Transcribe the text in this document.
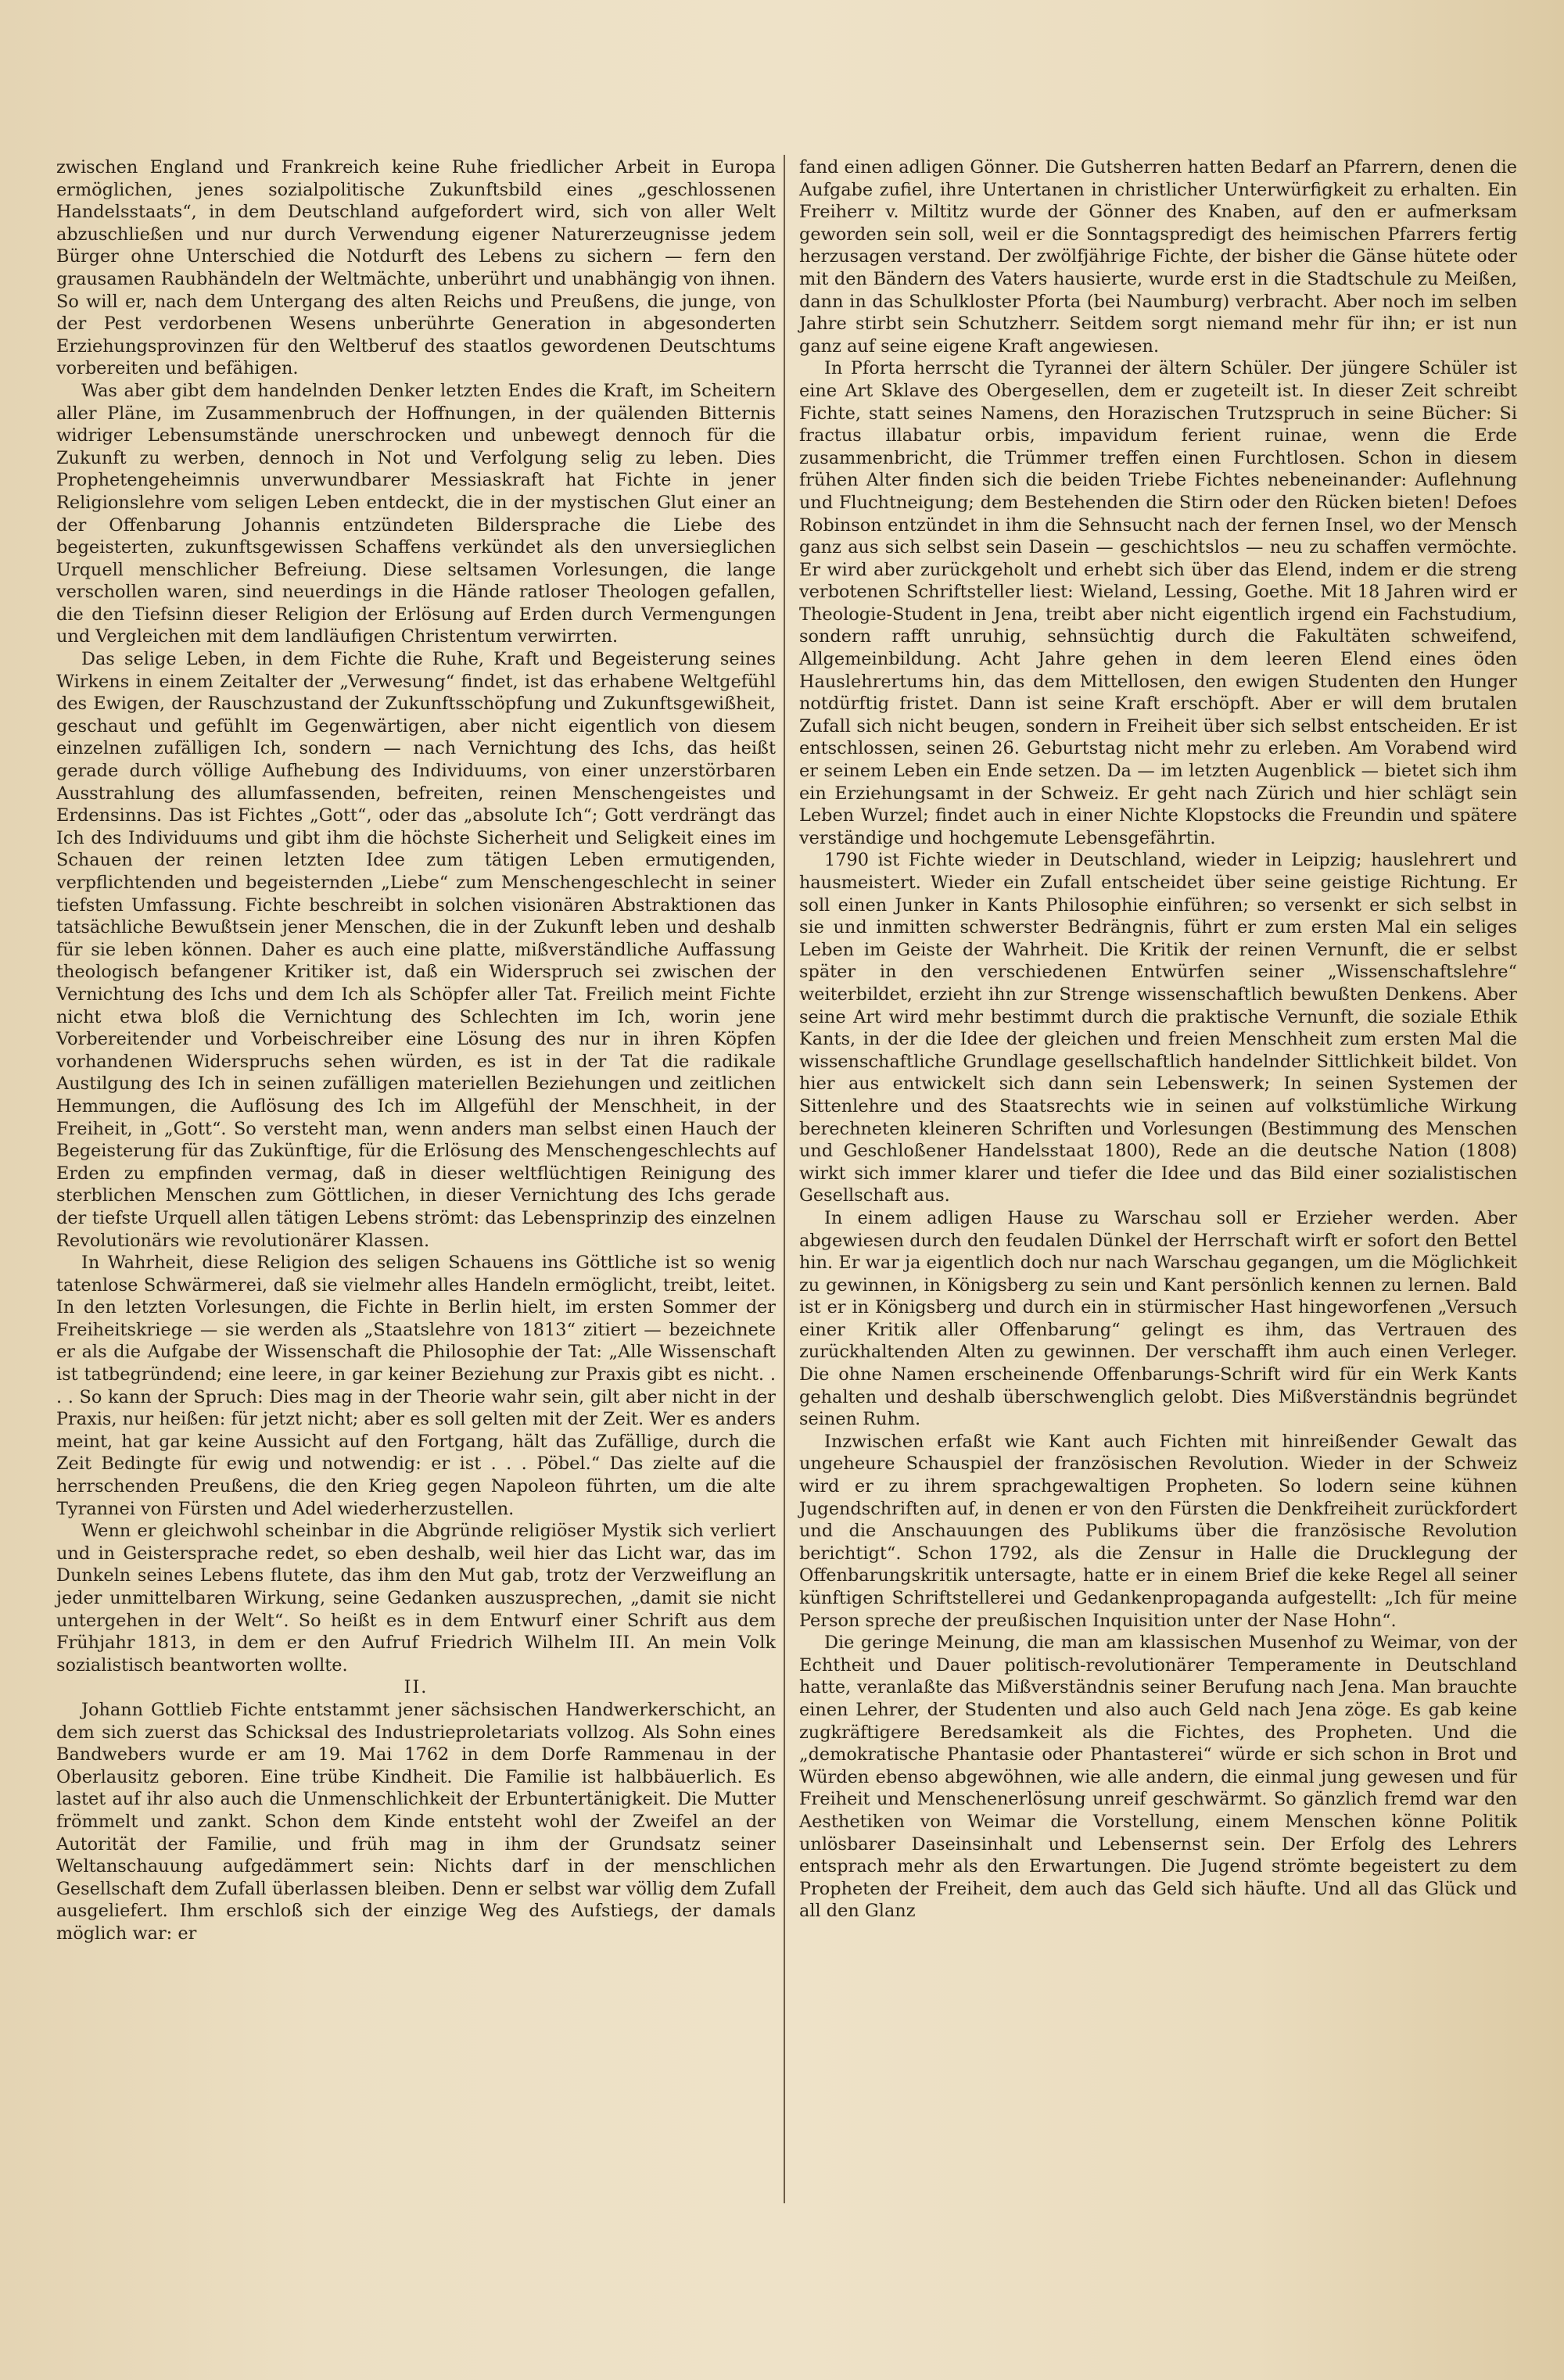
zwischen England und Frankreich keine Ruhe friedlicher Arbeit in Europa ermöglichen, jenes sozialpolitische Zukunftsbild eines „geschlossenen Handelsstaats“, in dem Deutschland aufgefordert wird, sich von aller Welt abzuschließen und nur durch Verwendung eigener Naturerzeugnisse jedem Bürger ohne Unterschied die Notdurft des Lebens zu sichern — fern den grausamen Raubhändeln der Weltmächte, unberührt und unabhängig von ihnen. So will er, nach dem Untergang des alten Reichs und Preußens, die junge, von der Pest verdorbenen Wesens unberührte Generation in abgesonderten Erziehungsprovinzen für den Weltberuf des staatlos gewordenen Deutschtums vorbereiten und befähigen.

Was aber gibt dem handelnden Denker letzten Endes die Kraft, im Scheitern aller Pläne, im Zusammenbruch der Hoffnungen, in der quälenden Bitternis widriger Lebensumstände unerschrocken und unbewegt dennoch für die Zukunft zu werben, dennoch in Not und Verfolgung selig zu leben. Dies Prophetengeheimnis unverwundbarer Messiaskraft hat Fichte in jener Religionslehre vom seligen Leben entdeckt, die in der mystischen Glut einer an der Offenbarung Johannis entzündeten Bildersprache die Liebe des begeisterten, zukunftsgewissen Schaffens verkündet als den unversieglichen Urquell menschlicher Befreiung. Diese seltsamen Vorlesungen, die lange verschollen waren, sind neuerdings in die Hände ratloser Theologen gefallen, die den Tiefsinn dieser Religion der Erlösung auf Erden durch Vermengungen und Vergleichen mit dem landläufigen Christentum verwirrten.

Das selige Leben, in dem Fichte die Ruhe, Kraft und Begeisterung seines Wirkens in einem Zeitalter der „Verwesung“ findet, ist das erhabene Weltgefühl des Ewigen, der Rauschzustand der Zukunftsschöpfung und Zukunftsgewißheit, geschaut und gefühlt im Gegenwärtigen, aber nicht eigentlich von diesem einzelnen zufälligen Ich, sondern — nach Vernichtung des Ichs, das heißt gerade durch völlige Aufhebung des Individuums, von einer unzerstörbaren Ausstrahlung des allumfassenden, befreiten, reinen Menschengeistes und Erdensinns. Das ist Fichtes „Gott“, oder das „absolute Ich“; Gott verdrängt das Ich des Individuums und gibt ihm die höchste Sicherheit und Seligkeit eines im Schauen der reinen letzten Idee zum tätigen Leben ermutigenden, verpflichtenden und begeisternden „Liebe“ zum Menschengeschlecht in seiner tiefsten Umfassung. Fichte beschreibt in solchen visionären Abstraktionen das tatsächliche Bewußtsein jener Menschen, die in der Zukunft leben und deshalb für sie leben können. Daher es auch eine platte, mißverständliche Auffassung theologisch befangener Kritiker ist, daß ein Widerspruch sei zwischen der Vernichtung des Ichs und dem Ich als Schöpfer aller Tat. Freilich meint Fichte nicht etwa bloß die Vernichtung des Schlechten im Ich, worin jene Vorbereitender und Vorbeischreiber eine Lösung des nur in ihren Köpfen vorhandenen Widerspruchs sehen würden, es ist in der Tat die radikale Austilgung des Ich in seinen zufälligen materiellen Beziehungen und zeitlichen Hemmungen, die Auflösung des Ich im Allgefühl der Menschheit, in der Freiheit, in „Gott“. So versteht man, wenn anders man selbst einen Hauch der Begeisterung für das Zukünftige, für die Erlösung des Menschengeschlechts auf Erden zu empfinden vermag, daß in dieser weltflüchtigen Reinigung des sterblichen Menschen zum Göttlichen, in dieser Vernichtung des Ichs gerade der tiefste Urquell allen tätigen Lebens strömt: das Lebensprinzip des einzelnen Revolutionärs wie revolutionärer Klassen.

In Wahrheit, diese Religion des seligen Schauens ins Göttliche ist so wenig tatenlose Schwärmerei, daß sie vielmehr alles Handeln ermöglicht, treibt, leitet. In den letzten Vorlesungen, die Fichte in Berlin hielt, im ersten Sommer der Freiheitskriege — sie werden als „Staatslehre von 1813“ zitiert — bezeichnete er als die Aufgabe der Wissenschaft die Philosophie der Tat: „Alle Wissenschaft ist tatbegründend; eine leere, in gar keiner Beziehung zur Praxis gibt es nicht. . . . So kann der Spruch: Dies mag in der Theorie wahr sein, gilt aber nicht in der Praxis, nur heißen: für jetzt nicht; aber es soll gelten mit der Zeit. Wer es anders meint, hat gar keine Aussicht auf den Fortgang, hält das Zufällige, durch die Zeit Bedingte für ewig und notwendig: er ist . . . Pöbel.“ Das zielte auf die herrschenden Preußens, die den Krieg gegen Napoleon führten, um die alte Tyrannei von Fürsten und Adel wiederherzustellen.

Wenn er gleichwohl scheinbar in die Abgründe religiöser Mystik sich verliert und in Geistersprache redet, so eben deshalb, weil hier das Licht war, das im Dunkeln seines Lebens flutete, das ihm den Mut gab, trotz der Verzweiflung an jeder unmittelbaren Wirkung, seine Gedanken auszusprechen, „damit sie nicht untergehen in der Welt“. So heißt es in dem Entwurf einer Schrift aus dem Frühjahr 1813, in dem er den Aufruf Friedrich Wilhelm III. An mein Volk sozialistisch beantworten wollte.

II.

Johann Gottlieb Fichte entstammt jener sächsischen Handwerkerschicht, an dem sich zuerst das Schicksal des Industrieproletariats vollzog. Als Sohn eines Bandwebers wurde er am 19. Mai 1762 in dem Dorfe Rammenau in der Oberlausitz geboren. Eine trübe Kindheit. Die Familie ist halbbäuerlich. Es lastet auf ihr also auch die Unmenschlichkeit der Erbuntertänigkeit. Die Mutter frömmelt und zankt. Schon dem Kinde entsteht wohl der Zweifel an der Autorität der Familie, und früh mag in ihm der Grundsatz seiner Weltanschauung aufgedämmert sein: Nichts darf in der menschlichen Gesellschaft dem Zufall überlassen bleiben. Denn er selbst war völlig dem Zufall ausgeliefert. Ihm erschloß sich der einzige Weg des Aufstiegs, der damals möglich war: er

fand einen adligen Gönner. Die Gutsherren hatten Bedarf an Pfarrern, denen die Aufgabe zufiel, ihre Untertanen in christlicher Unterwürfigkeit zu erhalten. Ein Freiherr v. Miltitz wurde der Gönner des Knaben, auf den er aufmerksam geworden sein soll, weil er die Sonntagspredigt des heimischen Pfarrers fertig herzusagen verstand. Der zwölfjährige Fichte, der bisher die Gänse hütete oder mit den Bändern des Vaters hausierte, wurde erst in die Stadtschule zu Meißen, dann in das Schulkloster Pforta (bei Naumburg) verbracht. Aber noch im selben Jahre stirbt sein Schutzherr. Seitdem sorgt niemand mehr für ihn; er ist nun ganz auf seine eigene Kraft angewiesen.

In Pforta herrscht die Tyrannei der ältern Schüler. Der jüngere Schüler ist eine Art Sklave des Obergesellen, dem er zugeteilt ist. In dieser Zeit schreibt Fichte, statt seines Namens, den Horazischen Trutzspruch in seine Bücher: Si fractus illabatur orbis, impavidum ferient ruinae, wenn die Erde zusammenbricht, die Trümmer treffen einen Furchtlosen. Schon in diesem frühen Alter finden sich die beiden Triebe Fichtes nebeneinander: Auflehnung und Fluchtneigung; dem Bestehenden die Stirn oder den Rücken bieten! Defoes Robinson entzündet in ihm die Sehnsucht nach der fernen Insel, wo der Mensch ganz aus sich selbst sein Dasein — geschichtslos — neu zu schaffen vermöchte. Er wird aber zurückgeholt und erhebt sich über das Elend, indem er die streng verbotenen Schriftsteller liest: Wieland, Lessing, Goethe. Mit 18 Jahren wird er Theologie-Student in Jena, treibt aber nicht eigentlich irgend ein Fachstudium, sondern rafft unruhig, sehnsüchtig durch die Fakultäten schweifend, Allgemeinbildung. Acht Jahre gehen in dem leeren Elend eines öden Hauslehrertums hin, das dem Mittellosen, den ewigen Studenten den Hunger notdürftig fristet. Dann ist seine Kraft erschöpft. Aber er will dem brutalen Zufall sich nicht beugen, sondern in Freiheit über sich selbst entscheiden. Er ist entschlossen, seinen 26. Geburtstag nicht mehr zu erleben. Am Vorabend wird er seinem Leben ein Ende setzen. Da — im letzten Augenblick — bietet sich ihm ein Erziehungsamt in der Schweiz. Er geht nach Zürich und hier schlägt sein Leben Wurzel; findet auch in einer Nichte Klopstocks die Freundin und spätere verständige und hochgemute Lebensgefährtin.

1790 ist Fichte wieder in Deutschland, wieder in Leipzig; hauslehrert und hausmeistert. Wieder ein Zufall entscheidet über seine geistige Richtung. Er soll einen Junker in Kants Philosophie einführen; so versenkt er sich selbst in sie und inmitten schwerster Bedrängnis, führt er zum ersten Mal ein seliges Leben im Geiste der Wahrheit. Die Kritik der reinen Vernunft, die er selbst später in den verschiedenen Entwürfen seiner „Wissenschaftslehre“ weiterbildet, erzieht ihn zur Strenge wissenschaftlich bewußten Denkens. Aber seine Art wird mehr bestimmt durch die praktische Vernunft, die soziale Ethik Kants, in der die Idee der gleichen und freien Menschheit zum ersten Mal die wissenschaftliche Grundlage gesellschaftlich handelnder Sittlichkeit bildet. Von hier aus entwickelt sich dann sein Lebenswerk; In seinen Systemen der Sittenlehre und des Staatsrechts wie in seinen auf volkstümliche Wirkung berechneten kleineren Schriften und Vorlesungen (Bestimmung des Menschen und Geschloßener Handelsstaat 1800), Rede an die deutsche Nation (1808) wirkt sich immer klarer und tiefer die Idee und das Bild einer sozialistischen Gesellschaft aus.

In einem adligen Hause zu Warschau soll er Erzieher werden. Aber abgewiesen durch den feudalen Dünkel der Herrschaft wirft er sofort den Bettel hin. Er war ja eigentlich doch nur nach Warschau gegangen, um die Möglichkeit zu gewinnen, in Königsberg zu sein und Kant persönlich kennen zu lernen. Bald ist er in Königsberg und durch ein in stürmischer Hast hingeworfenen „Versuch einer Kritik aller Offenbarung“ gelingt es ihm, das Vertrauen des zurückhaltenden Alten zu gewinnen. Der verschafft ihm auch einen Verleger. Die ohne Namen erscheinende Offenbarungs-Schrift wird für ein Werk Kants gehalten und deshalb überschwenglich gelobt. Dies Mißverständnis begründet seinen Ruhm.

Inzwischen erfaßt wie Kant auch Fichten mit hinreißender Gewalt das ungeheure Schauspiel der französischen Revolution. Wieder in der Schweiz wird er zu ihrem sprachgewaltigen Propheten. So lodern seine kühnen Jugendschriften auf, in denen er von den Fürsten die Denkfreiheit zurückfordert und die Anschauungen des Publikums über die französische Revolution berichtigt“. Schon 1792, als die Zensur in Halle die Drucklegung der Offenbarungskritik untersagte, hatte er in einem Brief die keke Regel all seiner künftigen Schriftstellerei und Gedankenpropaganda aufgestellt: „Ich für meine Person spreche der preußischen Inquisition unter der Nase Hohn“.

Die geringe Meinung, die man am klassischen Musenhof zu Weimar, von der Echtheit und Dauer politisch-revolutionärer Temperamente in Deutschland hatte, veranlaßte das Mißverständnis seiner Berufung nach Jena. Man brauchte einen Lehrer, der Studenten und also auch Geld nach Jena zöge. Es gab keine zugkräftigere Beredsamkeit als die Fichtes, des Propheten. Und die „demokratische Phantasie oder Phantasterei“ würde er sich schon in Brot und Würden ebenso abgewöhnen, wie alle andern, die einmal jung gewesen und für Freiheit und Menschenerlösung unreif geschwärmt. So gänzlich fremd war den Aesthetiken von Weimar die Vorstellung, einem Menschen könne Politik unlösbarer Daseinsinhalt und Lebensernst sein. Der Erfolg des Lehrers entsprach mehr als den Erwartungen. Die Jugend strömte begeistert zu dem Propheten der Freiheit, dem auch das Geld sich häufte. Und all das Glück und all den Glanz
